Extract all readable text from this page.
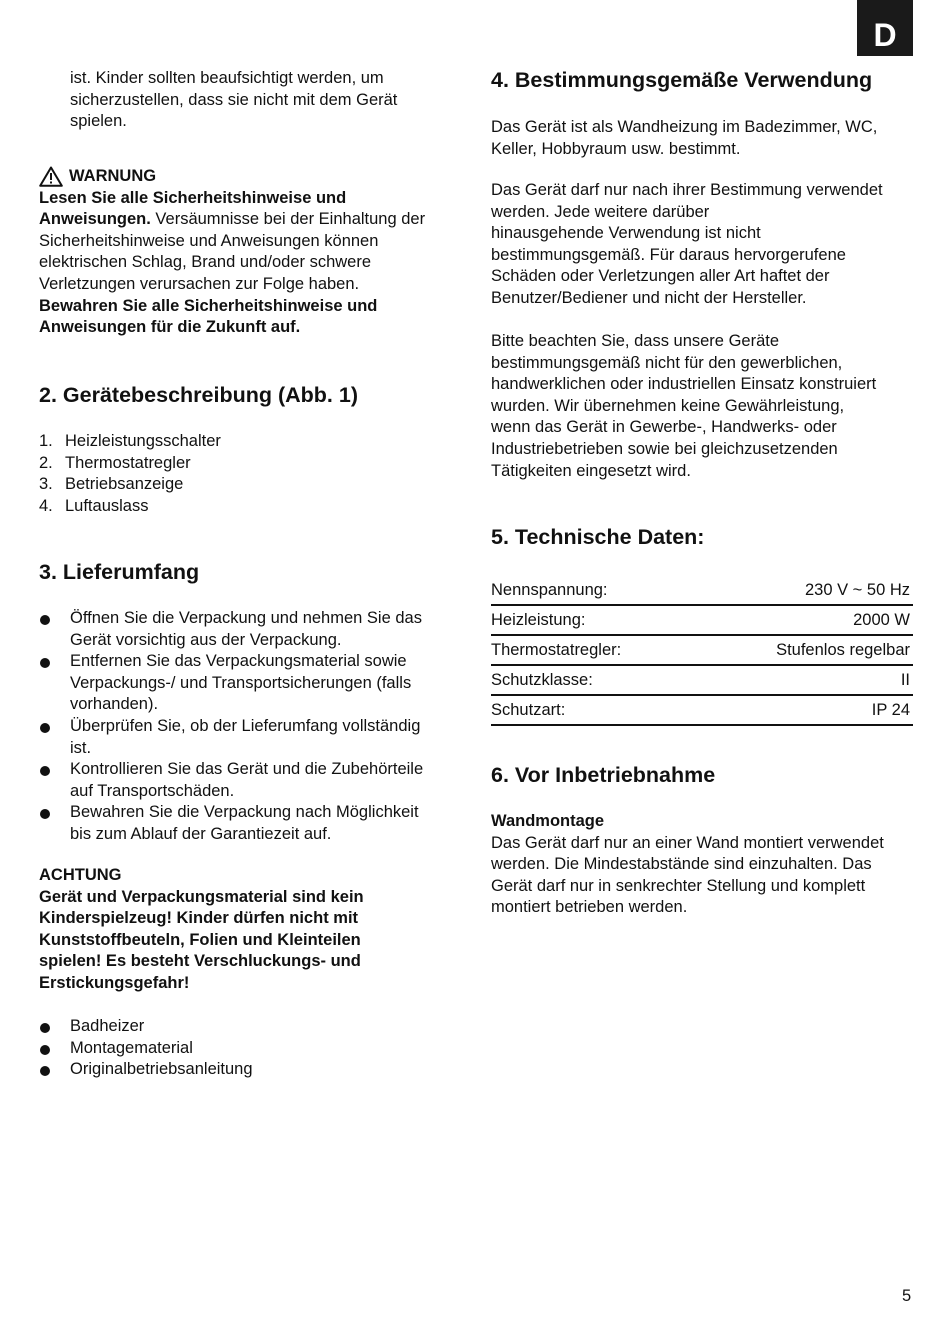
D

ist. Kinder sollten beaufsichtigt werden, um

sicherzustellen, dass sie nicht mit dem Gerät

spielen.

WARNUNG

Lesen Sie alle Sicherheitshinweise und

Anweisungen. Versäumnisse bei der Einhaltung der

Sicherheitshinweise und Anweisungen können

elektrischen Schlag, Brand und/oder schwere

Verletzungen verursachen zur Folge haben.

Bewahren Sie alle Sicherheitshinweise und

Anweisungen für die Zukunft auf.

2. Gerätebeschreibung (Abb. 1)
1. Heizleistungsschalter
2. Thermostatregler
3. Betriebsanzeige
4. Luftauslass
3. Lieferumfang
Öffnen Sie die Verpackung und nehmen Sie das
Gerät vorsichtig aus der Verpackung.
Entfernen Sie das Verpackungsmaterial sowie
Verpackungs-/ und Transportsicherungen (falls
vorhanden).
Überprüfen Sie, ob der Lieferumfang vollständig
ist.
Kontrollieren Sie das Gerät und die Zubehörteile
auf Transportschäden.
Bewahren Sie die Verpackung nach Möglichkeit
bis zum Ablauf der Garantiezeit auf.

ACHTUNG

Gerät und Verpackungsmaterial sind kein

Kinderspielzeug! Kinder dürfen nicht mit

Kunststoffbeuteln, Folien und Kleinteilen

spielen! Es besteht Verschluckungs- und

Erstickungsgefahr!

Badheizer
Montagematerial
Originalbetriebsanleitung
4. Bestimmungsgemäße Verwendung

Das Gerät ist als Wandheizung im Badezimmer, WC,

Keller, Hobbyraum usw. bestimmt.

Das Gerät darf nur nach ihrer Bestimmung verwendet

werden. Jede weitere darüber

hinausgehende Verwendung ist nicht

bestimmungsgemäß. Für daraus hervorgerufene

Schäden oder Verletzungen aller Art haftet der

Benutzer/Bediener und nicht der Hersteller.

Bitte beachten Sie, dass unsere Geräte

bestimmungsgemäß nicht für den gewerblichen,

handwerklichen oder industriellen Einsatz konstruiert

wurden. Wir übernehmen keine Gewährleistung,

wenn das Gerät in Gewerbe-, Handwerks- oder

Industriebetrieben sowie bei gleichzusetzenden

Tätigkeiten eingesetzt wird.

5. Technische Daten:
Nennspannung:	230 V ~ 50 Hz
Heizleistung:	2000 W
Thermostatregler:	Stufenlos regelbar
Schutzklasse:	II
Schutzart:	IP 24
6. Vor Inbetriebnahme

Wandmontage

Das Gerät darf nur an einer Wand montiert verwendet

werden. Die Mindestabstände sind einzuhalten. Das

Gerät darf nur in senkrechter Stellung und komplett

montiert betrieben werden.

5
